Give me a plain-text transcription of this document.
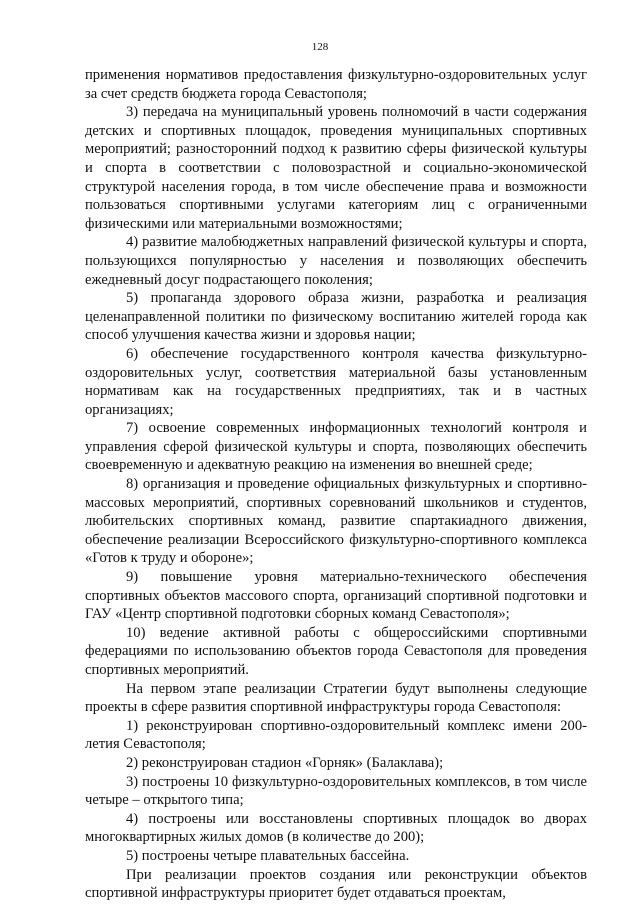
128

применения нормативов предоставления физкультурно-оздоровительных услуг за счет средств бюджета города Севастополя;

3) передача на муниципальный уровень полномочий в части содержания детских и спортивных площадок, проведения муниципальных спортивных мероприятий; разносторонний подход к развитию сферы физической культуры и спорта в соответствии с половозрастной и социально-экономической структурой населения города, в том числе обеспечение права и возможности пользоваться спортивными услугами категориям лиц с ограниченными физическими или материальными возможностями;

4) развитие малобюджетных направлений физической культуры и спорта, пользующихся популярностью у населения и позволяющих обеспечить ежедневный досуг подрастающего поколения;

5) пропаганда здорового образа жизни, разработка и реализация целенаправленной политики по физическому воспитанию жителей города как способ улучшения качества жизни и здоровья нации;

6) обеспечение государственного контроля качества физкультурно-оздоровительных услуг, соответствия материальной базы установленным нормативам как на государственных предприятиях, так и в частных организациях;

7) освоение современных информационных технологий контроля и управления сферой физической культуры и спорта, позволяющих обеспечить своевременную и адекватную реакцию на изменения во внешней среде;

8) организация и проведение официальных физкультурных и спортивно-массовых мероприятий, спортивных соревнований школьников и студентов, любительских спортивных команд, развитие спартакиадного движения, обеспечение реализации Всероссийского физкультурно-спортивного комплекса «Готов к труду и обороне»;

9) повышение уровня материально-технического обеспечения спортивных объектов массового спорта, организаций спортивной подготовки и ГАУ «Центр спортивной подготовки сборных команд Севастополя»;

10) ведение активной работы с общероссийскими спортивными федерациями по использованию объектов города Севастополя для проведения спортивных мероприятий.

На первом этапе реализации Стратегии будут выполнены следующие проекты в сфере развития спортивной инфраструктуры города Севастополя:

1) реконструирован спортивно-оздоровительный комплекс имени 200-летия Севастополя;

2) реконструирован стадион «Горняк» (Балаклава);

3) построены 10 физкультурно-оздоровительных комплексов, в том числе четыре – открытого типа;

4) построены или восстановлены спортивных площадок во дворах многоквартирных жилых домов (в количестве до 200);

5) построены четыре плавательных бассейна.

При реализации проектов создания или реконструкции объектов спортивной инфраструктуры приоритет будет отдаваться проектам,
